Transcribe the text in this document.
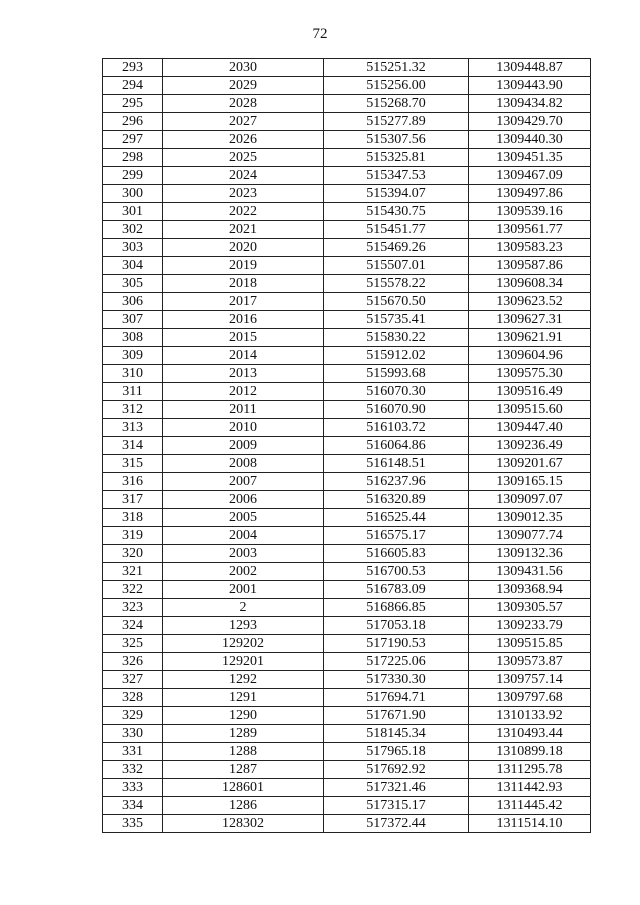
72
293	2030	515251.32	1309448.87
294	2029	515256.00	1309443.90
295	2028	515268.70	1309434.82
296	2027	515277.89	1309429.70
297	2026	515307.56	1309440.30
298	2025	515325.81	1309451.35
299	2024	515347.53	1309467.09
300	2023	515394.07	1309497.86
301	2022	515430.75	1309539.16
302	2021	515451.77	1309561.77
303	2020	515469.26	1309583.23
304	2019	515507.01	1309587.86
305	2018	515578.22	1309608.34
306	2017	515670.50	1309623.52
307	2016	515735.41	1309627.31
308	2015	515830.22	1309621.91
309	2014	515912.02	1309604.96
310	2013	515993.68	1309575.30
311	2012	516070.30	1309516.49
312	2011	516070.90	1309515.60
313	2010	516103.72	1309447.40
314	2009	516064.86	1309236.49
315	2008	516148.51	1309201.67
316	2007	516237.96	1309165.15
317	2006	516320.89	1309097.07
318	2005	516525.44	1309012.35
319	2004	516575.17	1309077.74
320	2003	516605.83	1309132.36
321	2002	516700.53	1309431.56
322	2001	516783.09	1309368.94
323	2	516866.85	1309305.57
324	1293	517053.18	1309233.79
325	129202	517190.53	1309515.85
326	129201	517225.06	1309573.87
327	1292	517330.30	1309757.14
328	1291	517694.71	1309797.68
329	1290	517671.90	1310133.92
330	1289	518145.34	1310493.44
331	1288	517965.18	1310899.18
332	1287	517692.92	1311295.78
333	128601	517321.46	1311442.93
334	1286	517315.17	1311445.42
335	128302	517372.44	1311514.10
